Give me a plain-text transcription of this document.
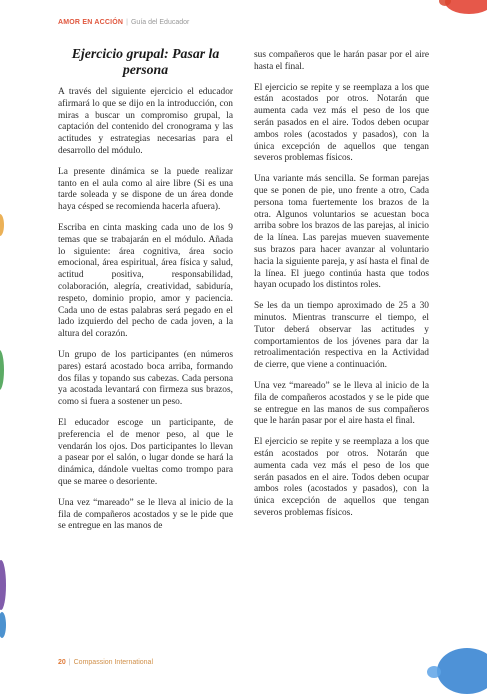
AMOR EN ACCIÓN | Guía del Educador
Ejercicio grupal: Pasar la persona

A través del siguiente ejercicio el educador afirmará lo que se dijo en la introducción, con miras a buscar un compromiso grupal, la captación del contenido del cronograma y las actitudes y estrategias necesarias para el desarrollo del módulo.

La presente dinámica se la puede realizar tanto en el aula como al aire libre (Si es una tarde soleada y se dispone de un área donde haya césped se recomienda hacerla afuera).

Escriba en cinta masking cada uno de los 9 temas que se trabajarán en el módulo. Añada lo siguiente: área cognitiva, área socio emocional, área espiritual, área física y salud, actitud positiva, responsabilidad, colaboración, alegría, creatividad, sabiduría, respeto, dominio propio, amor y paciencia. Cada uno de estas palabras será pegado en el lado izquierdo del pecho de cada joven, a la altura del corazón.

Un grupo de los participantes (en números pares) estará acostado boca arriba, formando dos filas y topando sus cabezas. Cada persona ya acostada levantará con firmeza sus brazos, como si fuera a sostener un peso.

El educador escoge un participante, de preferencia el de menor peso, al que le vendarán los ojos. Dos participantes lo llevan a pasear por el salón, o lugar donde se hará la dinámica, dándole vueltas como trompo para que se maree o desoriente.

Una vez “mareado” se le lleva al inicio de la fila de compañeros acostados y se le pide que se entregue en las manos de

sus compañeros que le harán pasar por el aire hasta el final.

El ejercicio se repite y se reemplaza a los que están acostados por otros. Notarán que aumenta cada vez más el peso de los que serán pasados en el aire. Todos deben ocupar ambos roles (acostados y pasados), con la única excepción de aquellos que tengan severos problemas físicos.

Una variante más sencilla. Se forman parejas que se ponen de pie, uno frente a otro, Cada persona toma fuertemente los brazos de la otra. Algunos voluntarios se acuestan boca arriba sobre los brazos de las parejas, al inicio de la línea. Las parejas mueven suavemente sus brazos para hacer avanzar al voluntario hacia la siguiente pareja, y así hasta el final de la línea. El juego continúa hasta que todos hayan ocupado los distintos roles.

Se les da un tiempo aproximado de 25 a 30 minutos. Mientras transcurre el tiempo, el Tutor deberá observar las actitudes y comportamientos de los jóvenes para dar la retroalimentación respectiva en la Actividad de cierre, que viene a continuación.

Una vez “mareado” se le lleva al inicio de la fila de compañeros acostados y se le pide que se entregue en las manos de sus compañeros que le harán pasar por el aire hasta el final.

El ejercicio se repite y se reemplaza a los que están acostados por otros. Notarán que aumenta cada vez más el peso de los que serán pasados en el aire. Todos deben ocupar ambos roles (acostados y pasados), con la única excepción de aquellos que tengan severos problemas físicos.

20 | Compassion International
